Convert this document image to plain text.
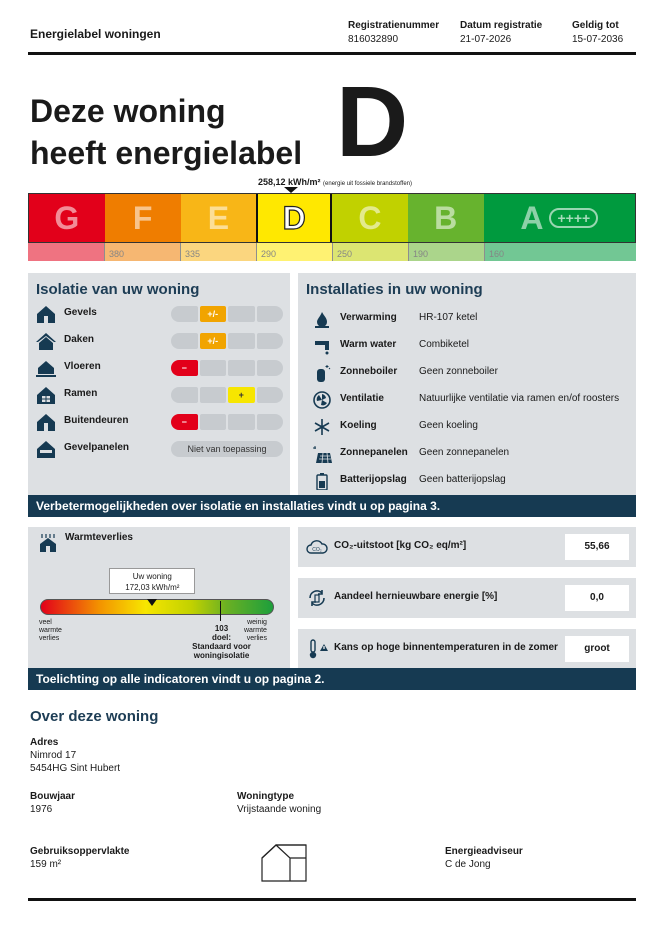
Energielabel woningen
Registratienummer
816032890
Datum registratie
21-07-2026
Geldig tot
15-07-2036
Deze woning
heeft energielabel D
258,12 kWh/m² (energie uit fossiele brandstoffen)
G F E D C B A	++++
380	335	290	250	190	160
Isolatie van uw woning
Gevels	+/-
Daken	+/-
Vloeren	−
Ramen	+
Buitendeuren	−
Gevelpanelen	Niet van toepassing
Installaties in uw woning
Verwarming HR-107 ketel
Warm water Combiketel
Zonneboiler Geen zonneboiler
Ventilatie	Natuurlijke ventilatie via ramen en/of roosters
Koeling	Geen koeling
Zonnepanelen Geen zonnepanelen
Batterijopslag Geen batterijopslag
Verbetermogelijkheden over isolatie en installaties vindt u op pagina 3.
Warmteverlies
Uw woning
172,03 kWh/m²
veel
warmte
verlies
weinig
warmte
verlies
103
doel:
Standaard voor
woningisolatie
CO₂ CO₂-uitstoot [kg CO₂ eq/m²]	55,66
Aandeel hernieuwbare energie [%]	0,0
Kans op hoge binnentemperaturen in de zomer	groot
Toelichting op alle indicatoren vindt u op pagina 2.
Over deze woning
Adres
Nimrod 17
5454HG Sint Hubert
Bouwjaar
1976
Woningtype
Vrijstaande woning
Gebruiksoppervlakte
159 m²
Energieadviseur
C de Jong
